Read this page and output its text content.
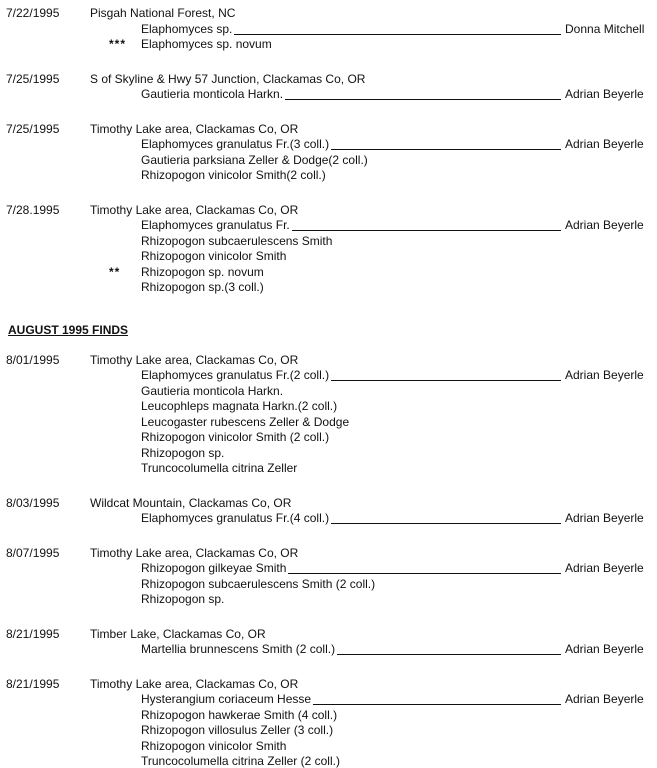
7/22/1995	Pisgah National Forest, NC
Elaphomyces sp.	Donna Mitchell
*** Elaphomyces sp. novum
7/25/1995	S of Skyline & Hwy 57 Junction, Clackamas Co, OR
Gautieria monticola Harkn.	Adrian Beyerle
7/25/1995	Timothy Lake area, Clackamas Co, OR
Elaphomyces granulatus Fr.(3 coll.)	Adrian Beyerle
Gautieria parksiana Zeller & Dodge(2 coll.)
Rhizopogon vinicolor Smith(2 coll.)
7/28.1995	Timothy Lake area, Clackamas Co, OR
Elaphomyces granulatus Fr.	Adrian Beyerle
Rhizopogon subcaerulescens Smith
Rhizopogon vinicolor Smith
** Rhizopogon sp. novum
Rhizopogon sp.(3 coll.)
AUGUST 1995 FINDS
8/01/1995	Timothy Lake area, Clackamas Co, OR
Elaphomyces granulatus Fr.(2 coll.)	Adrian Beyerle
Gautieria monticola Harkn.
Leucophleps magnata Harkn.(2 coll.)
Leucogaster rubescens Zeller & Dodge
Rhizopogon vinicolor Smith (2 coll.)
Rhizopogon sp.
Truncocolumella citrina Zeller
8/03/1995	Wildcat Mountain, Clackamas Co, OR
Elaphomyces granulatus Fr.(4 coll.)	Adrian Beyerle
8/07/1995	Timothy Lake area, Clackamas Co, OR
Rhizopogon gilkeyae Smith	Adrian Beyerle
Rhizopogon subcaerulescens Smith (2 coll.)
Rhizopogon sp.
8/21/1995	Timber Lake, Clackamas Co, OR
Martellia brunnescens Smith (2 coll.)	Adrian Beyerle
8/21/1995	Timothy Lake area, Clackamas Co, OR
Hysterangium coriaceum Hesse	Adrian Beyerle
Rhizopogon hawkerae Smith (4 coll.)
Rhizopogon villosulus Zeller (3 coll.)
Rhizopogon vinicolor Smith
Truncocolumella citrina Zeller (2 coll.)
